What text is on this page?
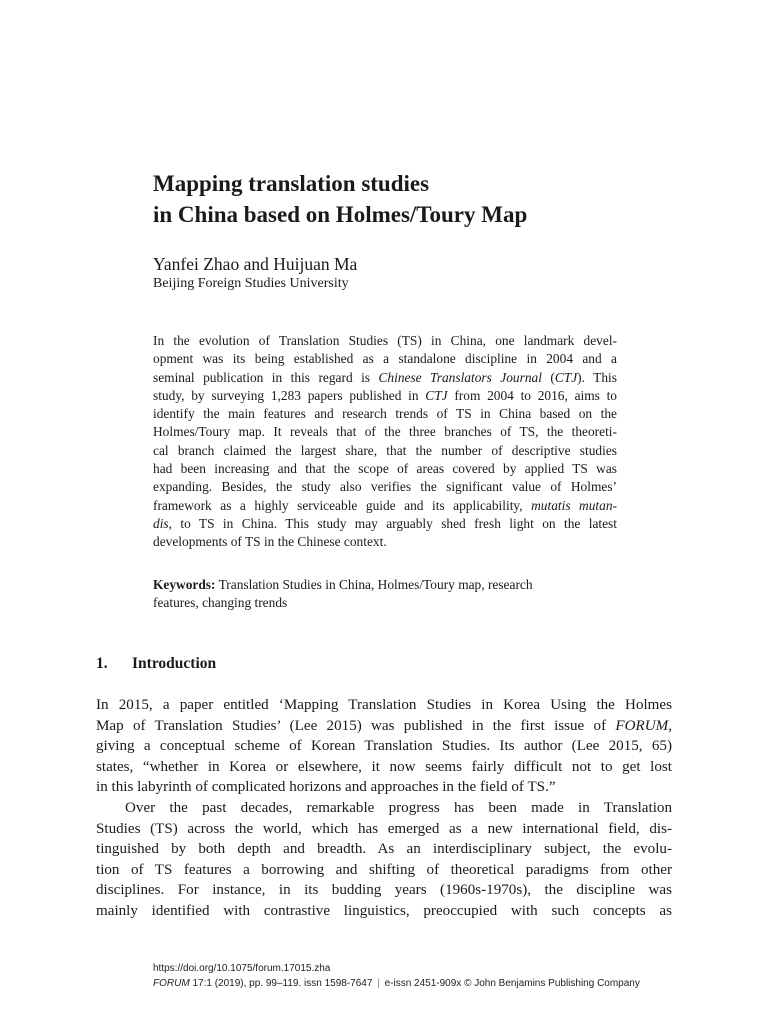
Mapping translation studies
in China based on Holmes/Toury Map
Yanfei Zhao and Huijuan Ma
Beijing Foreign Studies University
In the evolution of Translation Studies (TS) in China, one landmark devel-
opment was its being established as a standalone discipline in 2004 and a
seminal publication in this regard is Chinese Translators Journal (CTJ). This
study, by surveying 1,283 papers published in CTJ from 2004 to 2016, aims to
identify the main features and research trends of TS in China based on the
Holmes/Toury map. It reveals that of the three branches of TS, the theoreti-
cal branch claimed the largest share, that the number of descriptive studies
had been increasing and that the scope of areas covered by applied TS was
expanding. Besides, the study also verifies the significant value of Holmes’
framework as a highly serviceable guide and its applicability, mutatis mutan-
dis, to TS in China. This study may arguably shed fresh light on the latest
developments of TS in the Chinese context.
Keywords: Translation Studies in China, Holmes/Toury map, research
features, changing trends
1. Introduction
In 2015, a paper entitled ‘Mapping Translation Studies in Korea Using the Holmes
Map of Translation Studies’ (Lee 2015) was published in the first issue of FORUM,
giving a conceptual scheme of Korean Translation Studies. Its author (Lee 2015, 65)
states, “whether in Korea or elsewhere, it now seems fairly difficult not to get lost
in this labyrinth of complicated horizons and approaches in the field of TS.”
Over the past decades, remarkable progress has been made in Translation
Studies (TS) across the world, which has emerged as a new international field, dis-
tinguished by both depth and breadth. As an interdisciplinary subject, the evolu-
tion of TS features a borrowing and shifting of theoretical paradigms from other
disciplines. For instance, in its budding years (1960s-1970s), the discipline was
mainly identified with contrastive linguistics, preoccupied with such concepts as
https://doi.org/10.1075/forum.17015.zha
FORUM 17:1 (2019), pp. 99–119. issn 1598-7647 | e-issn 2451-909x © John Benjamins Publishing Company
